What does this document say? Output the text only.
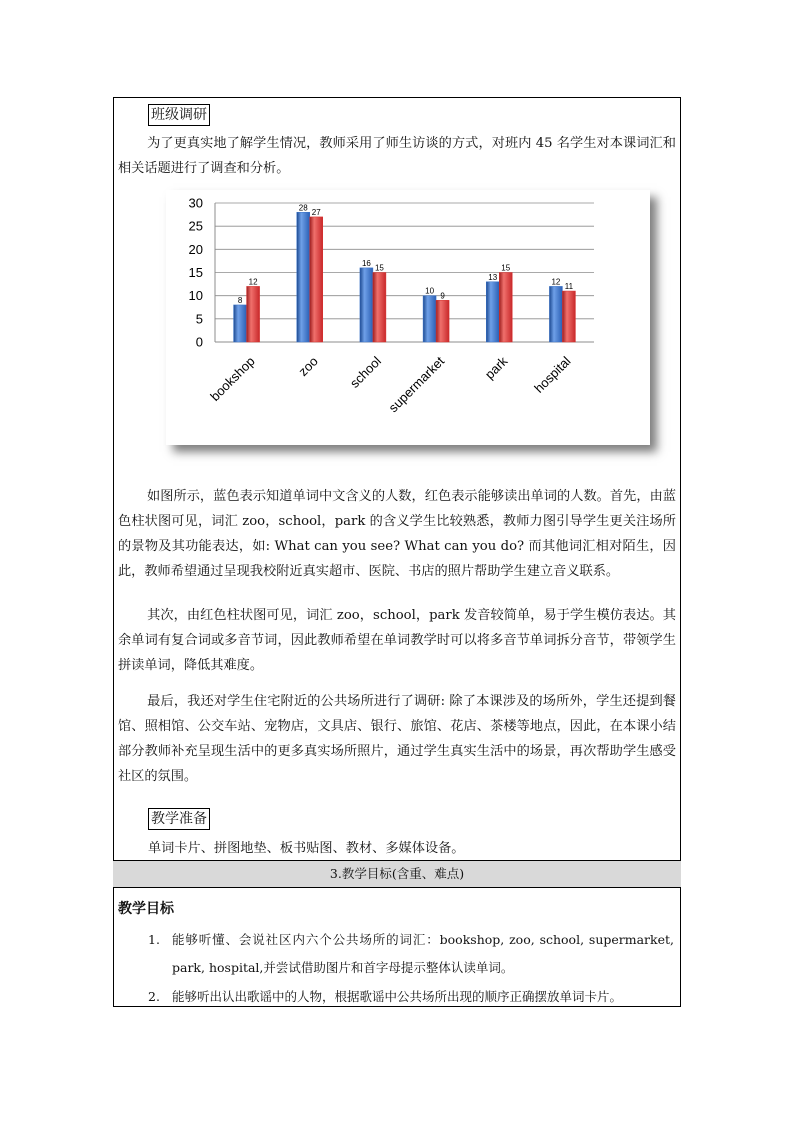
班级调研

为了更真实地了解学生情况，教师采用了师生访谈的方式，对班内 45 名学生对本课词汇和相关话题进行了调查和分析。

0
5
10
15
20
25
30
8
12
bookshop
28
27
zoo
16
15
school
10
9
supermarket
13
15
park
12
11
hospital

如图所示，蓝色表示知道单词中文含义的人数，红色表示能够读出单词的人数。首先，由蓝色柱状图可见，词汇 zoo，school，park 的含义学生比较熟悉，教师力图引导学生更关注场所的景物及其功能表达，如: What can you see? What can you do? 而其他词汇相对陌生，因此，教师希望通过呈现我校附近真实超市、医院、书店的照片帮助学生建立音义联系。

其次，由红色柱状图可见，词汇 zoo，school，park 发音较简单，易于学生模仿表达。其余单词有复合词或多音节词，因此教师希望在单词教学时可以将多音节单词拆分音节，带领学生拼读单词，降低其难度。

最后，我还对学生住宅附近的公共场所进行了调研: 除了本课涉及的场所外，学生还提到餐馆、照相馆、公交车站、宠物店，文具店、银行、旅馆、花店、茶楼等地点，因此，在本课小结部分教师补充呈现生活中的更多真实场所照片，通过学生真实生活中的场景，再次帮助学生感受社区的氛围。

教学准备

单词卡片、拼图地垫、板书贴图、教材、多媒体设备。

3.教学目标(含重、难点)
教学目标
1. 能够听懂、会说社区内六个公共场所的词汇：bookshop, zoo, school, supermarket, park, hospital,并尝试借助图片和首字母提示整体认读单词。
2. 能够听出认出歌谣中的人物，根据歌谣中公共场所出现的顺序正确摆放单词卡片。
